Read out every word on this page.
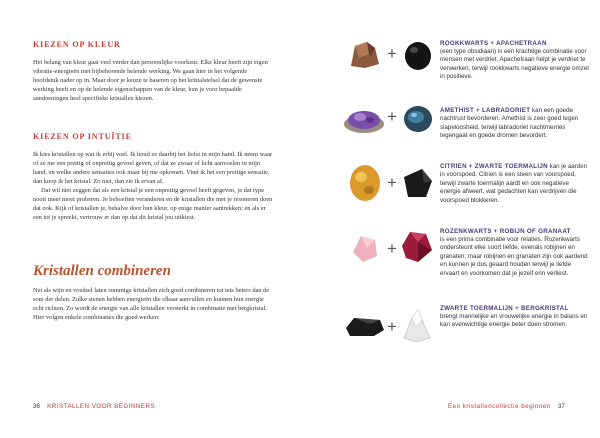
KIEZEN OP KLEUR

Het belang van kleur gaat veel verder dan persoonlijke voorkeur. Elke kleur heeft zijn eigen vibratie-energieën met bijbehorende helende werking. We gaan hier in het volgende hoofdstuk nader op in. Maar door je keuze te baseren op het kristalstelsel dat de gewenste werking heeft en op de helende eigenschappen van de kleur, kun je voor bepaalde aandoeningen heel specifieke kristallen kiezen.

KIEZEN OP INTUÏTIE

Ik kies kristallen op wat ik erbij voel. Ik houd ze daarbij het liefst in mijn hand. Ik neem waar of ze me een prettig of onprettig gevoel geven, of dat ze zwaar of licht aanvoelen in mijn hand, en welke andere sensaties ook maar bij me opkomen. Vind ik het een prettige sensatie, dan koop ik het kristal. Zo niet, dan zie ik ervan af.

Dat wil niet zeggen dat als een kristal je een onprettig gevoel heeft gegeven, je dat type nooit meer moet proberen. Je behoeften veranderen en de kristallen die met je resoneren doen dat ook. Kijk of kristallen je, behalve door hun kleur, op enige manier aantrekken; en als er een tot je spreekt, vertrouw er dan op dat dit kristal jou uitkiest.

Kristallen combineren

Net als wijn en voedsel laten sommige kristallen zich goed combineren tot iets beters dan de som der delen. Zulke stenen hebben energieën die elkaar aanvullen en kunnen hun energie echt richten. Zo wordt de energie van alle kristallen versterkt in combinatie met bergkristal. Hier volgen enkele combinaties die goed werken:

36 KRISTALLEN VOOR BEGINNERS
+
+
+
+
+
ROOKKWARTS + APACHETRAAN
(een type obsidiaan) is een krachtige combinatie voor mensen met verdriet. Apachetraan helpt je verdriet te verwerken, terwijl rookkwarts negatieve energie omzet in positieve.
AMETHIST + LABRADORIET kan een goede nachtrust bevorderen. Amethist is zeer goed tegen slapeloosheid, terwijl labradoriet nachtmerries tegengaat en goede dromen bevordert.
CITRIEN + ZWARTE TOERMALIJN kan je aarden in voorspoed. Citrien is een steen van voorspoed, terwijl zwarte toermalijn aardt en ook negatieve energie afweert, wat gedachten kan verdrijven die voorspoed blokkeren.
ROZENKWARTS + ROBIJN OF GRANAAT
is een prima combinatie voor relaties. Rozenkwarts ondersteunt elke soort liefde, evenals robijnen en granaten; maar robijnen en granaten zijn ook aardend en kunnen je dus geaard houden terwijl je liefde ervaart en voorkomen dat je jezelf erin verliest.
ZWARTE TOERMALIJN + BERGKRISTAL
brengt mannelijke en vrouwelijke energie in balans en kan evenwichtige energie beter doen stromen.
Een kristallencollectie beginnen 37
